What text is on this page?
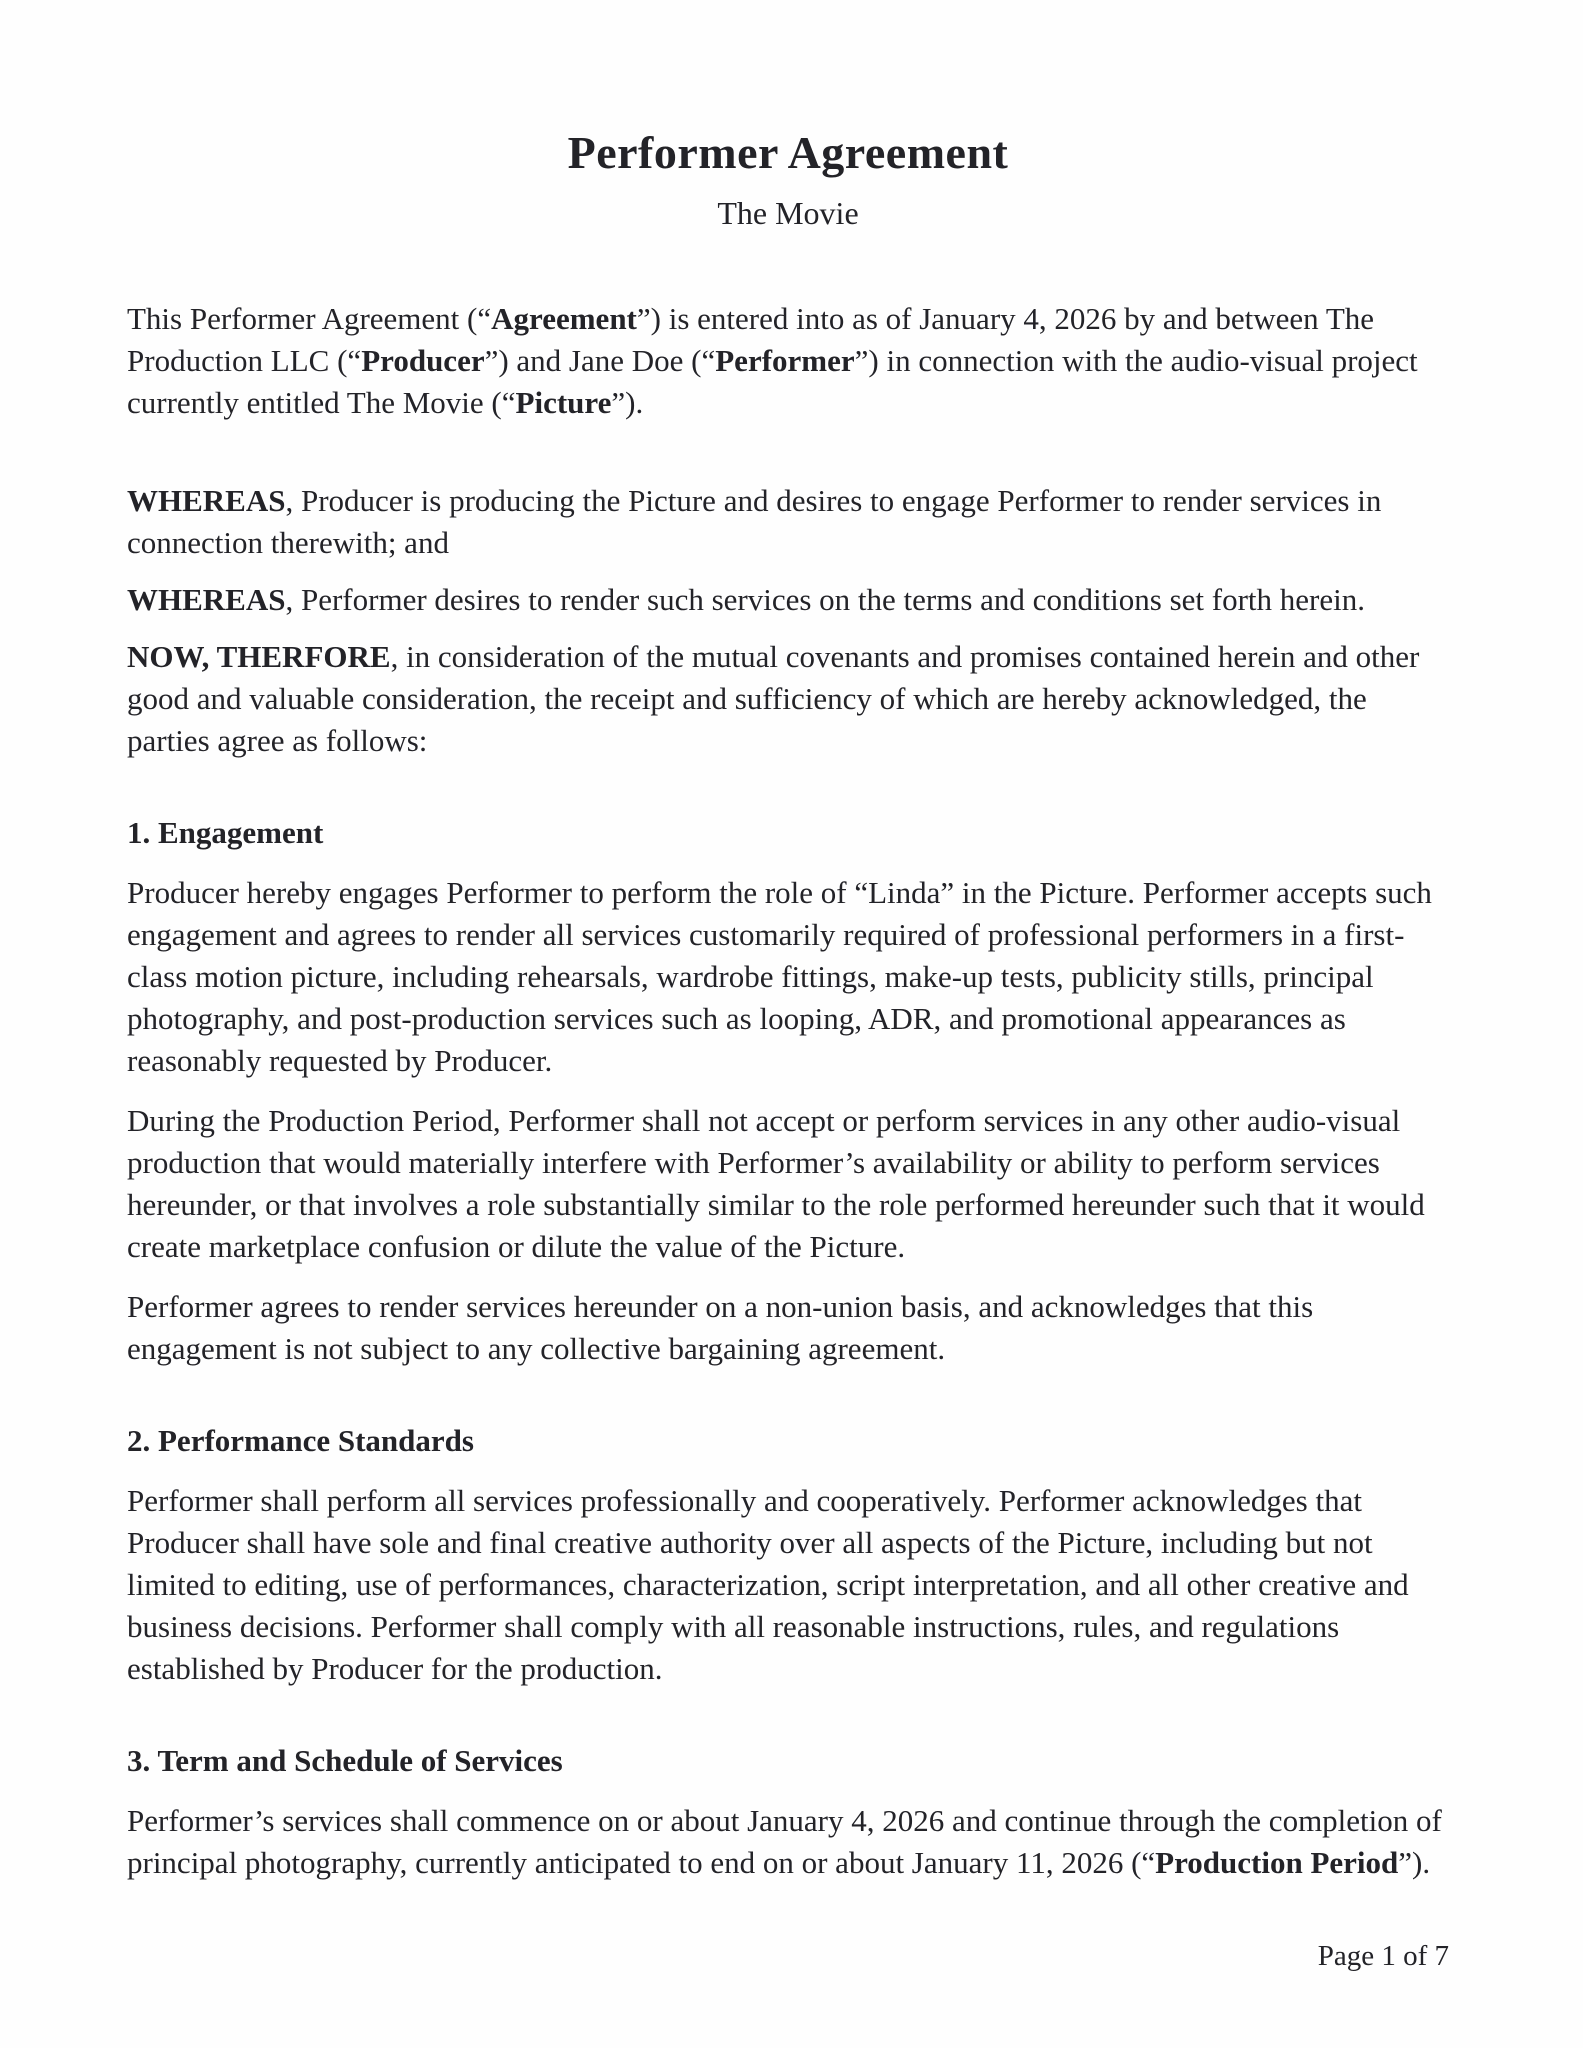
Performer Agreement
The Movie

This Performer Agreement (“Agreement”) is entered into as of January 4, 2026 by and between The Production LLC (“Producer”) and Jane Doe (“Performer”) in connection with the audio-visual project currently entitled The Movie (“Picture”).

WHEREAS, Producer is producing the Picture and desires to engage Performer to render services in connection therewith; and

WHEREAS, Performer desires to render such services on the terms and conditions set forth herein.

NOW, THERFORE, in consideration of the mutual covenants and promises contained herein and other good and valuable consideration, the receipt and sufficiency of which are hereby acknowledged, the parties agree as follows:

1. Engagement

Producer hereby engages Performer to perform the role of “Linda” in the Picture. Performer accepts such engagement and agrees to render all services customarily required of professional performers in a first-class motion picture, including rehearsals, wardrobe fittings, make-up tests, publicity stills, principal photography, and post-production services such as looping, ADR, and promotional appearances as reasonably requested by Producer.

During the Production Period, Performer shall not accept or perform services in any other audio-visual production that would materially interfere with Performer’s availability or ability to perform services hereunder, or that involves a role substantially similar to the role performed hereunder such that it would create marketplace confusion or dilute the value of the Picture.

Performer agrees to render services hereunder on a non-union basis, and acknowledges that this engagement is not subject to any collective bargaining agreement.

2. Performance Standards

Performer shall perform all services professionally and cooperatively. Performer acknowledges that Producer shall have sole and final creative authority over all aspects of the Picture, including but not limited to editing, use of performances, characterization, script interpretation, and all other creative and business decisions. Performer shall comply with all reasonable instructions, rules, and regulations established by Producer for the production.

3. Term and Schedule of Services

Performer’s services shall commence on or about January 4, 2026 and continue through the completion of principal photography, currently anticipated to end on or about January 11, 2026 (“Production Period”).

Page 1 of 7
